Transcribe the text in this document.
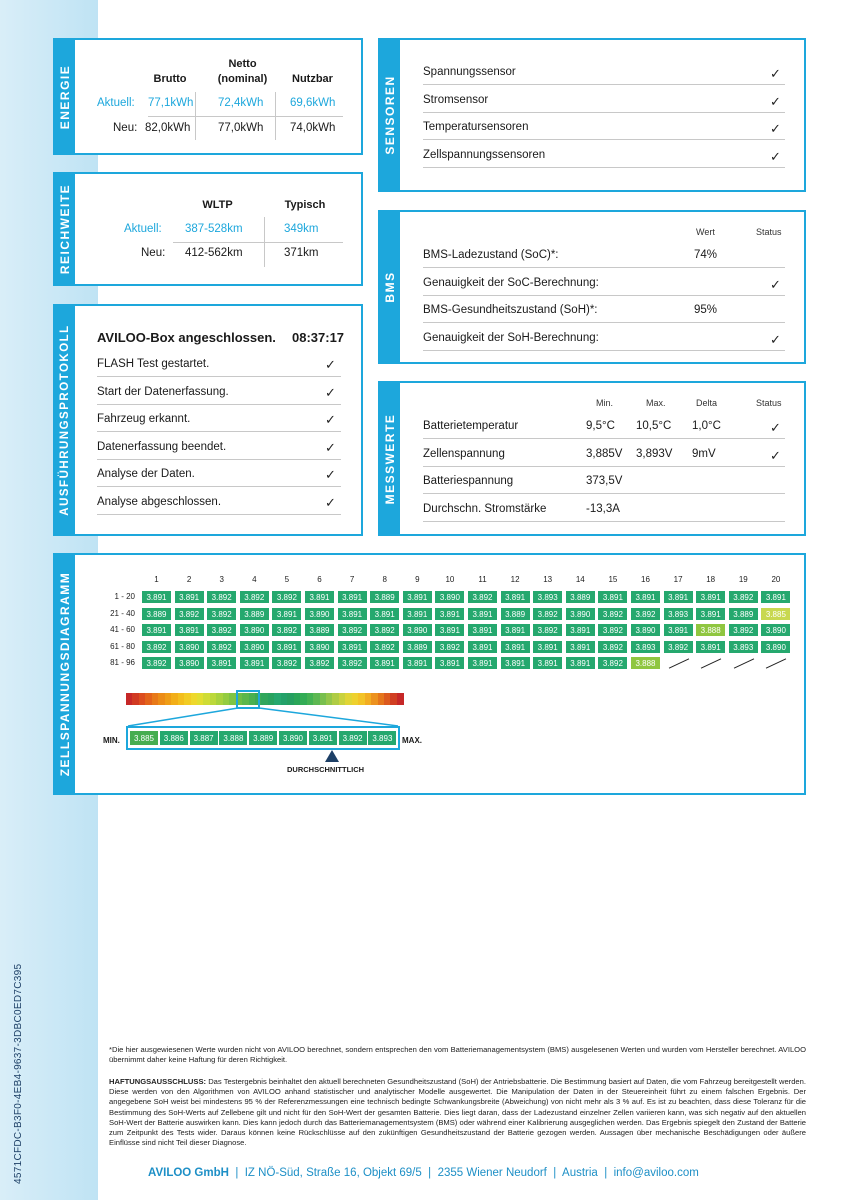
4571CFDC-B3F0-4EB4-9637-3DBC0ED7C395
ENERGIE	Brutto
Netto
(nominal)	Nutzbar
Aktuell: 77,1kWh 72,4kWh 69,6kWh
Neu: 82,0kWh 77,0kWh 74,0kWh
REICHWEITE	WLTP	Typisch
Aktuell: 387-528km	349km
Neu: 412-562km	371km
AUSFÜHRUNGSPROTOKOLL AVILOO-Box angeschlossen. 08:37:17
FLASH Test gestartet.	✓
Start der Datenerfassung.	✓
Fahrzeug erkannt.	✓
Datenerfassung beendet.	✓
Analyse der Daten.	✓
Analyse abgeschlossen.	✓
SENSOREN
Spannungssensor	✓
Stromsensor	✓
Temperatursensoren	✓
Zellspannungssensoren	✓
BMS
Wert	Status
BMS-Ladezustand (SoC)*:	74%
Genauigkeit der SoC-Berechnung:	✓
BMS-Gesundheitszustand (SoH)*:	95%
Genauigkeit der SoH-Berechnung:	✓
MESSWERTE
Min.	Max.	Delta	Status
Batterietemperatur	9,5°C 10,5°C 1,0°C	✓
Zellenspannung	3,885V 3,893V 9mV	✓
Batteriespannung	373,5V
Durchschn. Stromstärke	-13,3A
ZELLSPANNUNGSDIAGRAMM	1	2	3	4	5	6	7	8	9	10	11	12	13	14	15	16	17	18	19	20
1 - 20	3.891	3.891	3.892	3.892	3.892	3.891	3.891	3.889	3.891	3.890	3.892	3.891	3.893	3.889	3.891	3.891	3.891	3.891	3.892	3.891
21 - 40	3.889	3.892	3.892	3.889	3.891	3.890	3.891	3.891	3.891	3.891	3.891	3.889	3.892	3.890	3.892	3.892	3.893	3.891	3.889	3.885
41 - 60	3.891	3.891	3.892	3.890	3.892	3.889	3.892	3.892	3.890	3.891	3.891	3.891	3.892	3.891	3.892	3.890	3.891	3.888	3.892	3.890
61 - 80	3.892	3.890	3.892	3.890	3.891	3.890	3.891	3.892	3.889	3.892	3.891	3.891	3.891	3.891	3.892	3.893	3.892	3.891	3.893	3.890
81 - 96	3.892	3.890	3.891	3.891	3.892	3.892	3.892	3.891	3.891	3.891	3.891	3.891	3.891	3.891	3.892	3.888
MIN.	3.885	3.886	3.887	3.888	3.889	3.890	3.891	3.892	3.893	MAX.
DURCHSCHNITTLICH
*Die hier ausgewiesenen Werte wurden nicht von AVILOO berechnet, sondern entsprechen den vom Batteriemanagementsystem (BMS) ausgelesenen Werten und wurden vom Hersteller berechnet. AVILOO übernimmt daher keine Haftung für deren Richtigkeit.
HAFTUNGSAUSSCHLUSS: Das Testergebnis beinhaltet den aktuell berechneten Gesundheitszustand (SoH) der Antriebsbatterie. Die Bestimmung basiert auf Daten, die vom Fahrzeug bereitgestellt werden. Diese werden von den Algorithmen von AVILOO anhand statistischer und analytischer Modelle ausgewertet. Die Manipulation der Daten in der Steuereinheit führt zu einem falschen Ergebnis. Der angegebene SoH weist bei mindestens 95 % der Referenzmessungen eine technisch bedingte Schwankungsbreite (Abweichung) von nicht mehr als 3 % auf. Es ist zu beachten, dass diese Toleranz für die Bestimmung des SoH-Werts auf Zellebene gilt und nicht für den SoH-Wert der gesamten Batterie. Dies liegt daran, dass der Ladezustand einzelner Zellen variieren kann, was sich negativ auf den aktuellen SoH-Wert der Batterie auswirken kann. Dies kann jedoch durch das Batteriemanagementsystem (BMS) oder während einer Kalibrierung ausgeglichen werden. Das Ergebnis spiegelt den Zustand der Batterie zum Zeitpunkt des Tests wider. Daraus können keine Rückschlüsse auf den zukünftigen Gesundheitszustand der Batterie gezogen werden. Aussagen über mechanische Beschädigungen oder äußere Einflüsse sind nicht Teil dieser Diagnose.
AVILOO GmbH | IZ NÖ-Süd, Straße 16, Objekt 69/5 | 2355 Wiener Neudorf | Austria | info@aviloo.com
